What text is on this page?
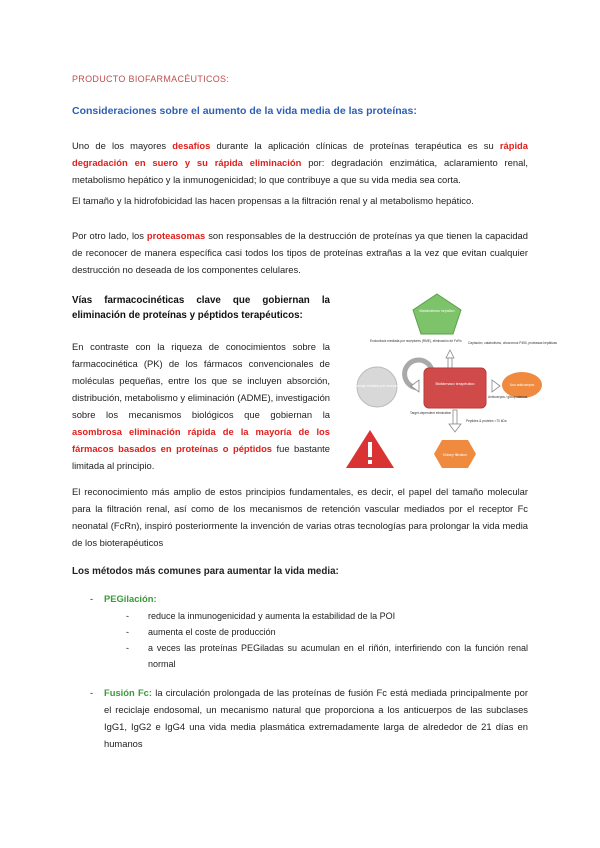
PRODUCTO BIOFARMACÉUTICOS:
Consideraciones sobre el aumento de la vida media de las proteínas:
Uno de los mayores desafíos durante la aplicación clínicas de proteínas terapéutica es su rápida degradación en suero y su rápida eliminación por: degradación enzimática, aclaramiento renal, metabolismo hepático y la inmunogenicidad; lo que contribuye a que su vida media sea corta.
El tamaño y la hidrofobicidad las hacen propensas a la filtración renal y al metabolismo hepático.
Por otro lado, los proteasomas son responsables de la destrucción de proteínas ya que tienen la capacidad de reconocer de manera específica casi todos los tipos de proteínas extrañas a la vez que evitan cualquier destrucción no deseada de los componentes celulares.
Vías farmacocinéticas clave que gobiernan la eliminación de proteínas y péptidos terapéuticos:
En contraste con la riqueza de conocimientos sobre la farmacocinética (PK) de los fármacos convencionales de moléculas pequeñas, entre los que se incluyen absorción, distribución, metabolismo y eliminación (ADME), investigación sobre los mecanismos biológicos que gobiernan la asombrosa eliminación rápida de la mayoría de los fármacos basados en proteínas o péptidos fue bastante limitada al principio.
Metabolismo hepático
Endocitosis mediada por receptores (RME), eliminación de FcRn Captación, catabolismo, citocromos P450, proteasas hepáticas
Reciclaje mediado por receptores	Biofármaco terapéutico	Uso anticuerpos
Target-dependent elimination
Anticuerpos / glicoproteínas
Peptides & proteins <70 kDa
Kidney filtration
El reconocimiento más amplio de estos principios fundamentales, es decir, el papel del tamaño molecular para la filtración renal, así como de los mecanismos de retención vascular mediados por el receptor Fc neonatal (FcRn), inspiró posteriormente la invención de varias otras tecnologías para prolongar la vida media de los bioterapéuticos
Los métodos más comunes para aumentar la vida media:
- PEGilación:
- reduce la inmunogenicidad y aumenta la estabilidad de la POI
- aumenta el coste de producción
- a veces las proteínas PEGiladas su acumulan en el riñón, interfiriendo con la función renal normal
- Fusión Fc: la circulación prolongada de las proteínas de fusión Fc está mediada principalmente por el reciclaje endosomal, un mecanismo natural que proporciona a los anticuerpos de las subclases IgG1, IgG2 e IgG4 una vida media plasmática extremadamente larga de alrededor de 21 días en humanos
